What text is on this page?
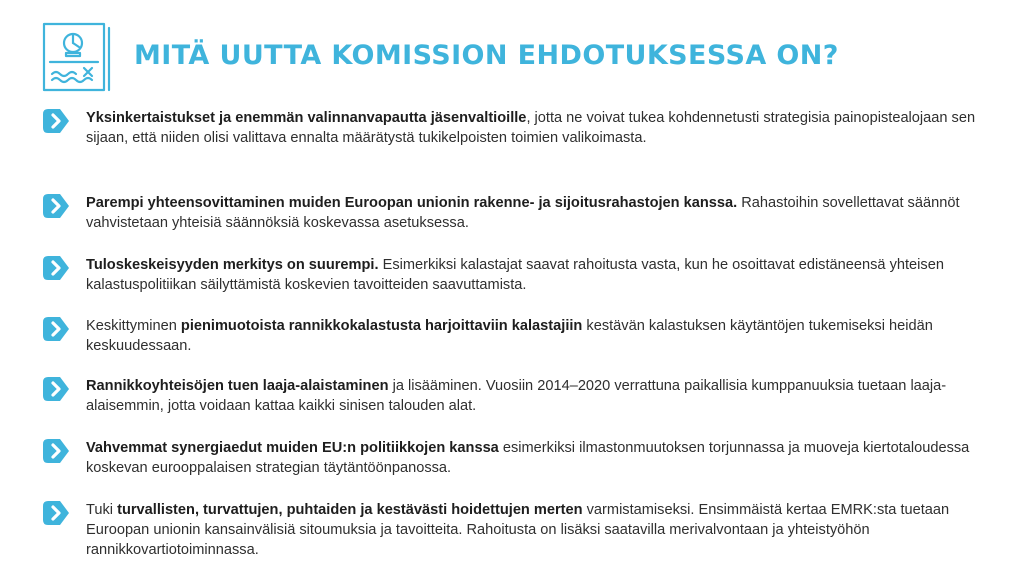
MITÄ UUTTA KOMISSION EHDOTUKSESSA ON?

Yksinkertaistukset ja enemmän valinnanvapautta jäsenvaltioille, jotta ne voivat tukea kohdennetusti strategisia painopistealojaan sen sijaan, että niiden olisi valittava ennalta määrätystä tukikelpoisten toimien valikoimasta.

Parempi yhteensovittaminen muiden Euroopan unionin rakenne- ja sijoitusrahastojen kanssa. Rahastoihin sovellettavat säännöt vahvistetaan yhteisiä säännöksiä koskevassa asetuksessa.

Tuloskeskeisyyden merkitys on suurempi. Esimerkiksi kalastajat saavat rahoitusta vasta, kun he osoittavat edistäneensä yhteisen kalastuspolitiikan säilyttämistä koskevien tavoitteiden saavuttamista.

Keskittyminen pienimuotoista rannikkokalastusta harjoittaviin kalastajiin kestävän kalastuksen käytäntöjen tukemiseksi heidän keskuudessaan.

Rannikkoyhteisöjen tuen laaja-alaistaminen ja lisääminen. Vuosiin 2014–2020 verrattuna paikallisia kumppanuuksia tuetaan laaja-alaisemmin, jotta voidaan kattaa kaikki sinisen talouden alat.

Vahvemmat synergiaedut muiden EU:n politiikkojen kanssa esimerkiksi ilmastonmuutoksen torjunnassa ja muoveja kiertotaloudessa koskevan eurooppalaisen strategian täytäntöönpanossa.

Tuki turvallisten, turvattujen, puhtaiden ja kestävästi hoidettujen merten varmistamiseksi. Ensimmäistä kertaa EMRK:sta tuetaan Euroopan unionin kansainvälisiä sitoumuksia ja tavoitteita. Rahoitusta on lisäksi saatavilla merivalvontaan ja yhteistyöhön rannikkovartiotoiminnassa.
